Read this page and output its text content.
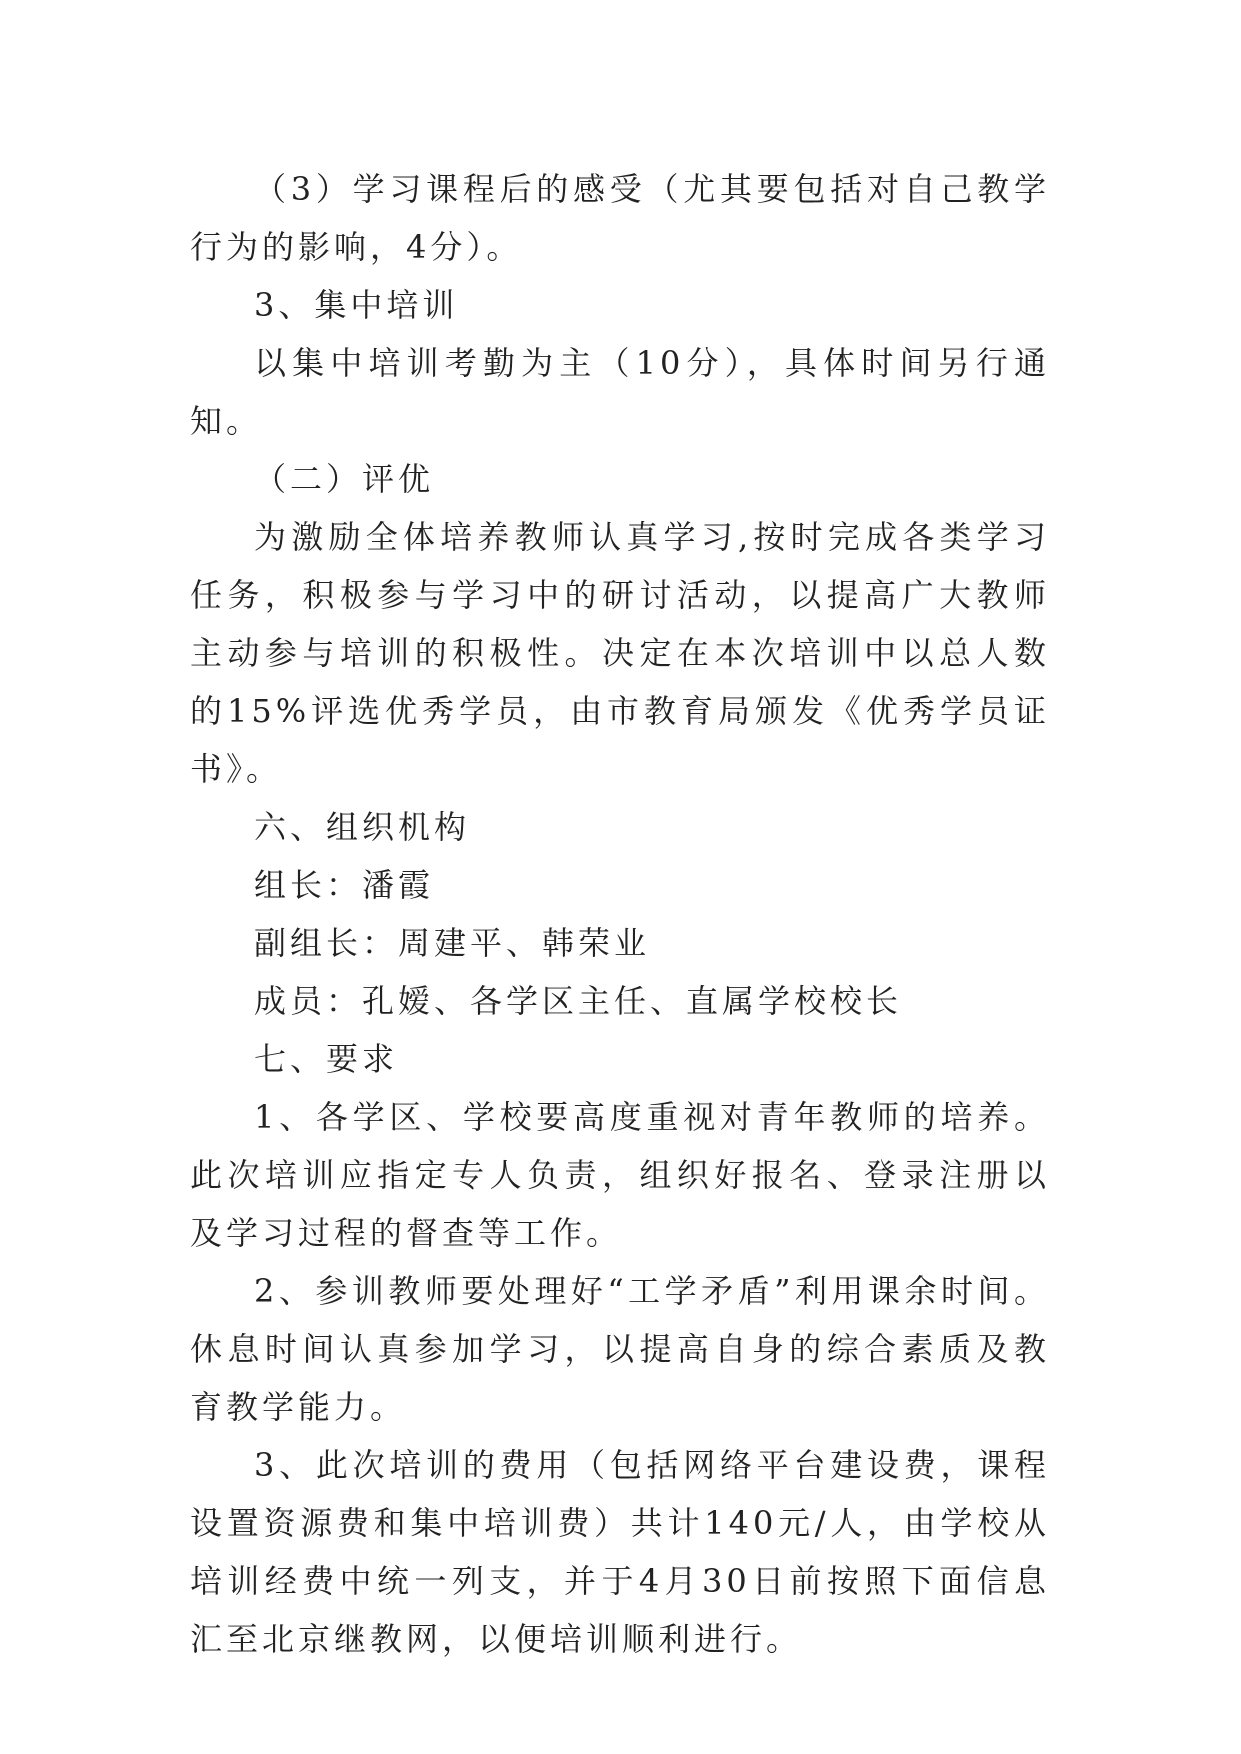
（3）学习课程后的感受（尤其要包括对自己教学行为的影响，4分）。

3、集中培训

以集中培训考勤为主（10分），具体时间另行通知。

（二）评优

为激励全体培养教师认真学习,按时完成各类学习任务，积极参与学习中的研讨活动，以提高广大教师主动参与培训的积极性。决定在本次培训中以总人数的15%评选优秀学员，由市教育局颁发《优秀学员证书》。

六、组织机构

组长：潘霞

副组长：周建平、韩荣业

成员：孔嫒、各学区主任、直属学校校长

七、要求

1、各学区、学校要高度重视对青年教师的培养。此次培训应指定专人负责，组织好报名、登录注册以及学习过程的督查等工作。

2、参训教师要处理好“工学矛盾”利用课余时间。休息时间认真参加学习，以提高自身的综合素质及教育教学能力。

3、此次培训的费用（包括网络平台建设费，课程设置资源费和集中培训费）共计140元/人，由学校从培训经费中统一列支，并于4月30日前按照下面信息汇至北京继教网，以便培训顺利进行。
